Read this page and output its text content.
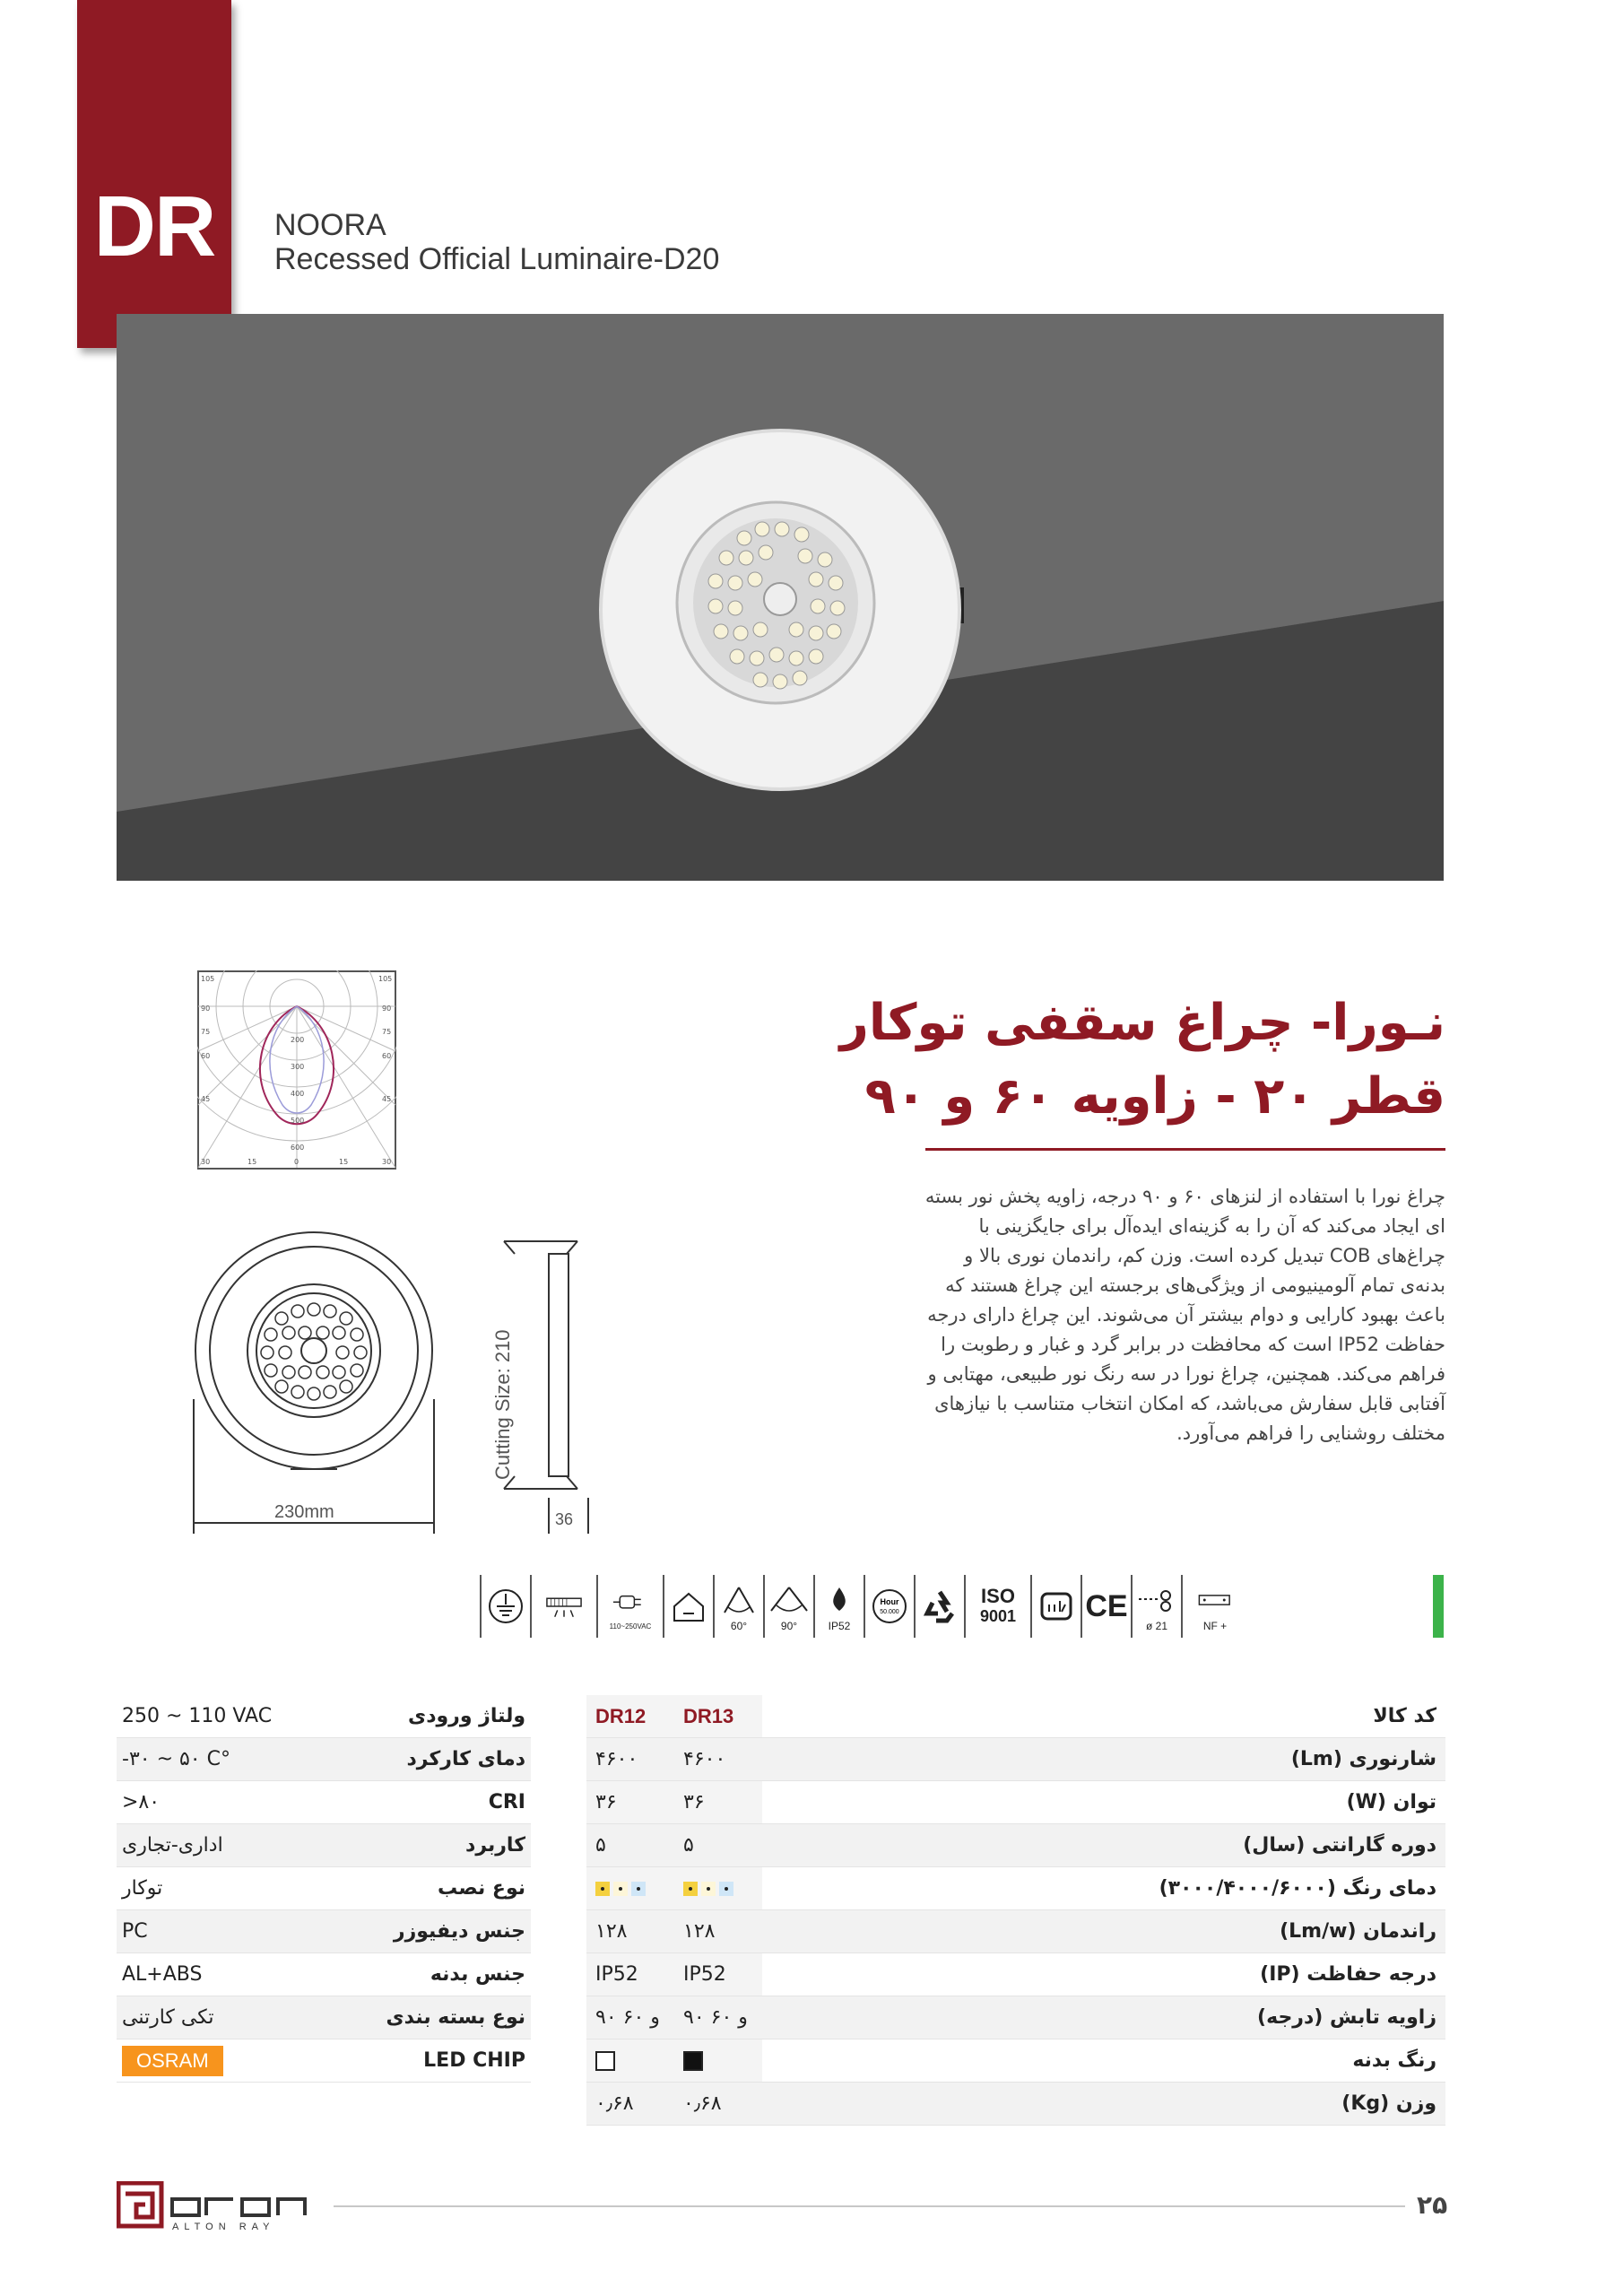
DR	NOORA
Recessed Official Luminaire-D20
105
90
75
60
45
30	15	0
105
90
75
60
45
30
15
200
300
400
500
600
230mm
Cutting Size: 210
36
نـورا- چراغ سقفی توکار
قطر ۲۰ - زاویه ۶۰ و ۹۰
چراغ نورا با استفاده از لنزهای ۶۰ و ۹۰ درجه، زاویه پخش نور بسته ای ایجاد می‌کند که آن را به گزینه‌ای ایده‌آل برای جایگزینی با چراغ‌های COB تبدیل کرده است. وزن کم، راندمان نوری بالا و بدنه‌ی تمام آلومینیومی از ویژگی‌های برجسته این چراغ هستند که باعث بهبود کارایی و دوام بیشتر آن می‌شوند. این چراغ دارای درجه حفاظت IP52 است که محافظت در برابر گرد و غبار و رطوبت را فراهم می‌کند. همچنین، چراغ نورا در سه رنگ نور طبیعی، مهتابی و آفتابی قابل سفارش می‌باشد، که امکان انتخاب متناسب با نیازهای مختلف روشنایی را فراهم می‌آورد.
110~250VAC	60°	90°	IP52
Hour
50.000
ISO
9001 CE
ø 21	NF +
250 ~ 110 VAC	ولتاژ ورودی
-۳۰ ~ ۵۰ C°	دمای کارکرد
>۸۰	CRI
اداری-تجاری	کاربرد
توکار	نوع نصب
PC	جنس دیفیوزر
AL+ABS	جنس بدنه
تکی کارتنی	نوع بسته بندی
OSRAM	LED CHIP
DR12	DR13	کد کالا
۴۶۰۰	۴۶۰۰	شارنوری (Lm)
۳۶	۳۶	توان (W)
۵	۵	دوره گارانتی (سال)
		دمای رنگ (۳۰۰۰/۴۰۰۰/۶۰۰۰)
۱۲۸	۱۲۸	راندمان (Lm/w)
IP52	IP52	درجه حفاظت (IP)
۹۰ و ۶۰	۹۰ و ۶۰	زاویه تابش (درجه)
		رنگ بدنه
۰٫۶۸	۰٫۶۸	وزن (Kg)
ALTON RAY
۲۵
